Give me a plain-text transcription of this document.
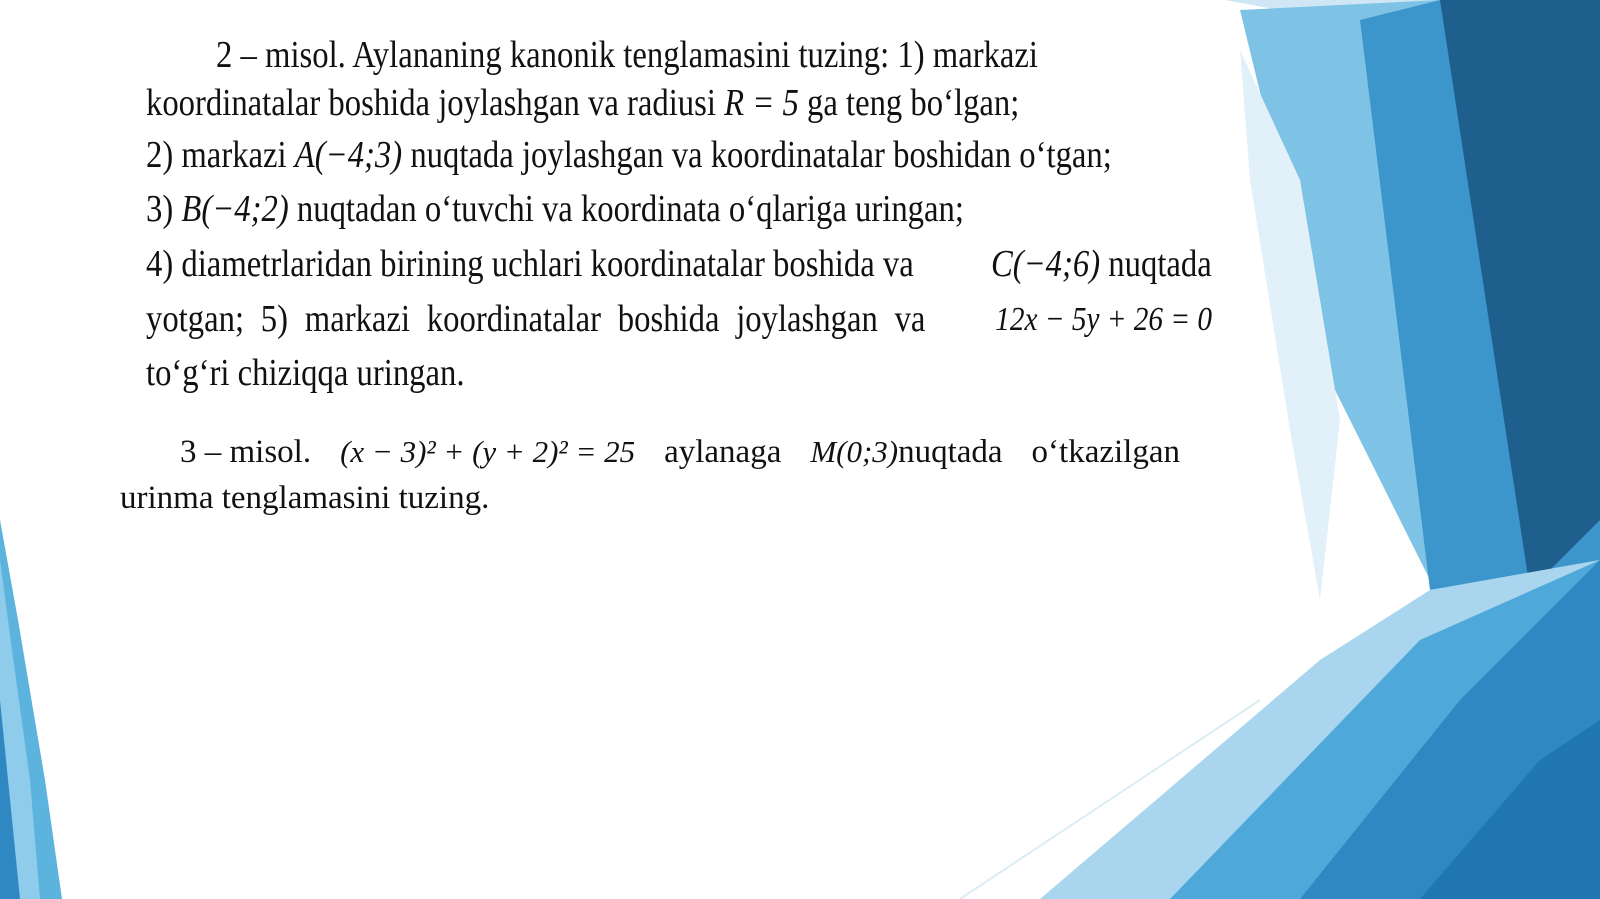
2 – misol. Aylananing kanonik tenglamasini tuzing: 1) markazi
koordinatalar boshida joylashgan va radiusi R = 5 ga teng bo‘lgan;
2) markazi A(−4;3) nuqtada joylashgan va koordinatalar boshidan o‘tgan;
3) B(−4;2) nuqtadan o‘tuvchi va koordinata o‘qlariga uringan;
4) diametrlaridan birining uchlari koordinatalar boshida va C(−4;6) nuqtada
yotgan; 5) markazi koordinatalar boshida joylashgan va 12x − 5y + 26 = 0
to‘g‘ri chiziqqa uringan.
3 – misol. (x − 3)² + (y + 2)² = 25 aylanaga M(0;3)nuqtada o‘tkazilgan
urinma tenglamasini tuzing.
